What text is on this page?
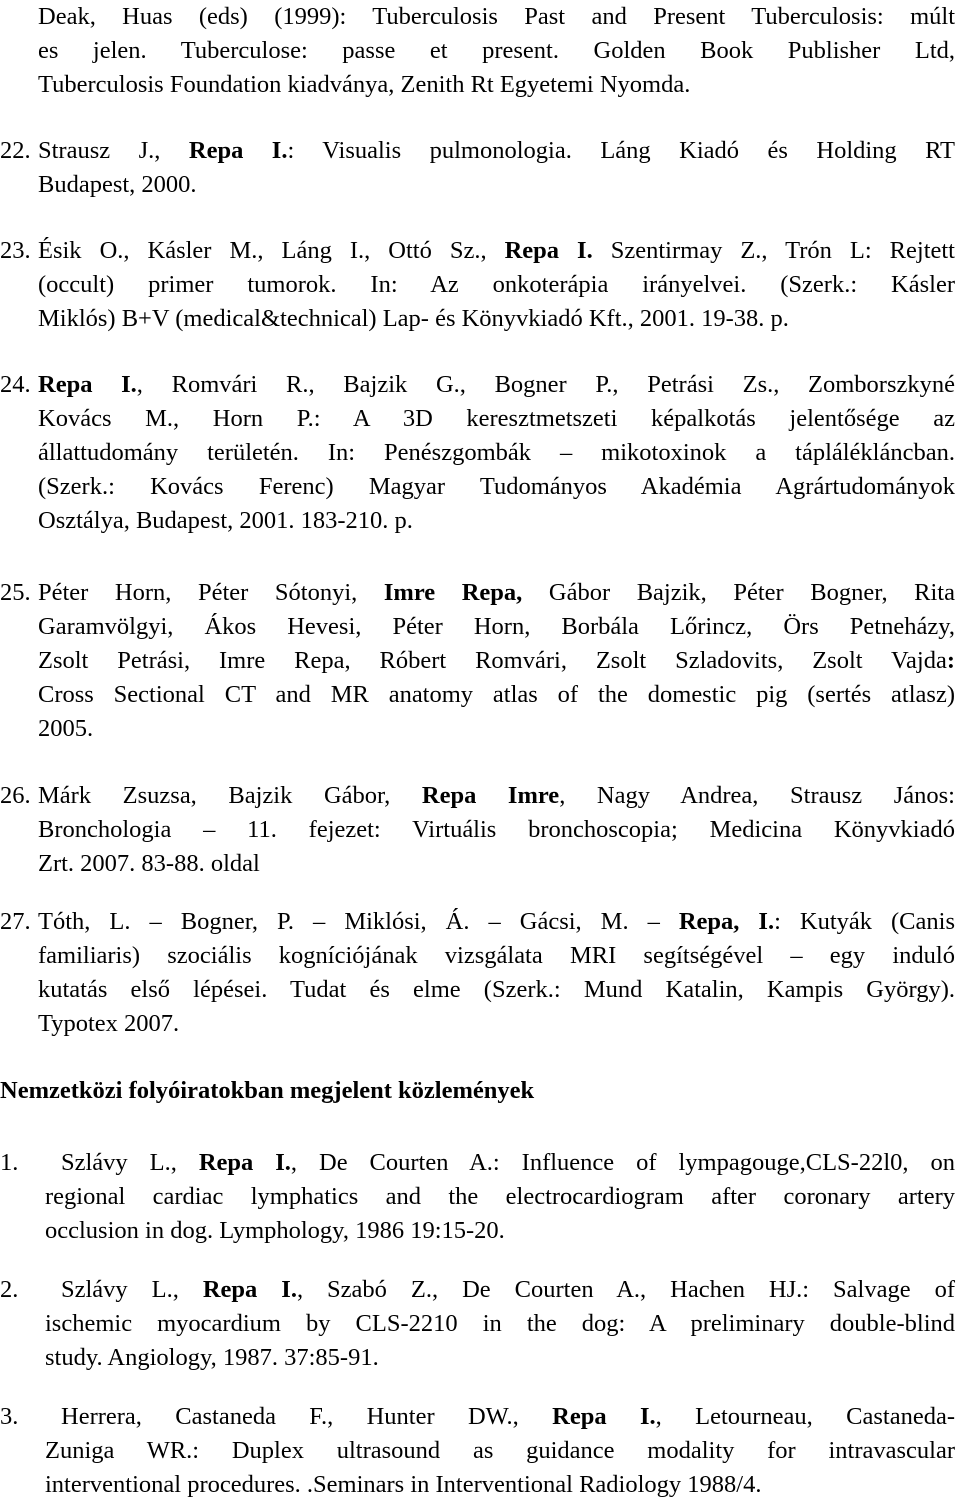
Deak, Huas (eds) (1999): Tuberculosis Past and Present Tuberculosis: múlt
es jelen. Tuberculose: passe et present. Golden Book Publisher Ltd,
Tuberculosis Foundation kiadványa, Zenith Rt Egyetemi Nyomda.

22. Strausz J., Repa I.: Visualis pulmonologia. Láng Kiadó és Holding RT
Budapest, 2000.

23. Ésik O., Kásler M., Láng I., Ottó Sz., Repa I. Szentirmay Z., Trón L: Rejtett
(occult) primer tumorok. In: Az onkoterápia irányelvei. (Szerk.: Kásler
Miklós) B+V (medical&technical) Lap- és Könyvkiadó Kft., 2001. 19-38. p.

24. Repa I., Romvári R., Bajzik G., Bogner P., Petrási Zs., Zomborszkyné
Kovács M., Horn P.: A 3D keresztmetszeti képalkotás jelentősége az
állattudomány területén. In: Penészgombák – mikotoxinok a táplálékláncban.
(Szerk.: Kovács Ferenc) Magyar Tudományos Akadémia Agrártudományok
Osztálya, Budapest, 2001. 183-210. p.

25. Péter Horn, Péter Sótonyi, Imre Repa, Gábor Bajzik, Péter Bogner, Rita
Garamvölgyi, Ákos Hevesi, Péter Horn, Borbála Lőrincz, Örs Petneházy,
Zsolt Petrási, Imre Repa, Róbert Romvári, Zsolt Szladovits, Zsolt Vajda:
Cross Sectional CT and MR anatomy atlas of the domestic pig (sertés atlasz)
2005.

26. Márk Zsuzsa, Bajzik Gábor, Repa Imre, Nagy Andrea, Strausz János:
Bronchologia – 11. fejezet: Virtuális bronchoscopia; Medicina Könyvkiadó
Zrt. 2007. 83-88. oldal

27. Tóth, L. – Bogner, P. – Miklósi, Á. – Gácsi, M. – Repa, I.: Kutyák (Canis
familiaris) szociális kogníciójának vizsgálata MRI segítségével – egy induló
kutatás első lépései. Tudat és elme (Szerk.: Mund Katalin, Kampis György).
Typotex 2007.

Nemzetközi folyóiratokban megjelent közlemények
1.	Szlávy L., Repa I., De Courten A.: Influence of lympagouge,CLS-22l0, on
regional cardiac lymphatics and the electrocardiogram after coronary artery
occlusion in dog. Lymphology, 1986 19:15-20.

2.	Szlávy L., Repa I., Szabó Z., De Courten A., Hachen HJ.: Salvage of
ischemic myocardium by CLS-2210 in the dog: A preliminary double-blind
study. Angiology, 1987. 37:85-91.

3.	Herrera, Castaneda F., Hunter DW., Repa I., Letourneau, Castaneda-
Zuniga WR.: Duplex ultrasound as guidance modality for intravascular
interventional procedures. .Seminars in Interventional Radiology 1988/4.
